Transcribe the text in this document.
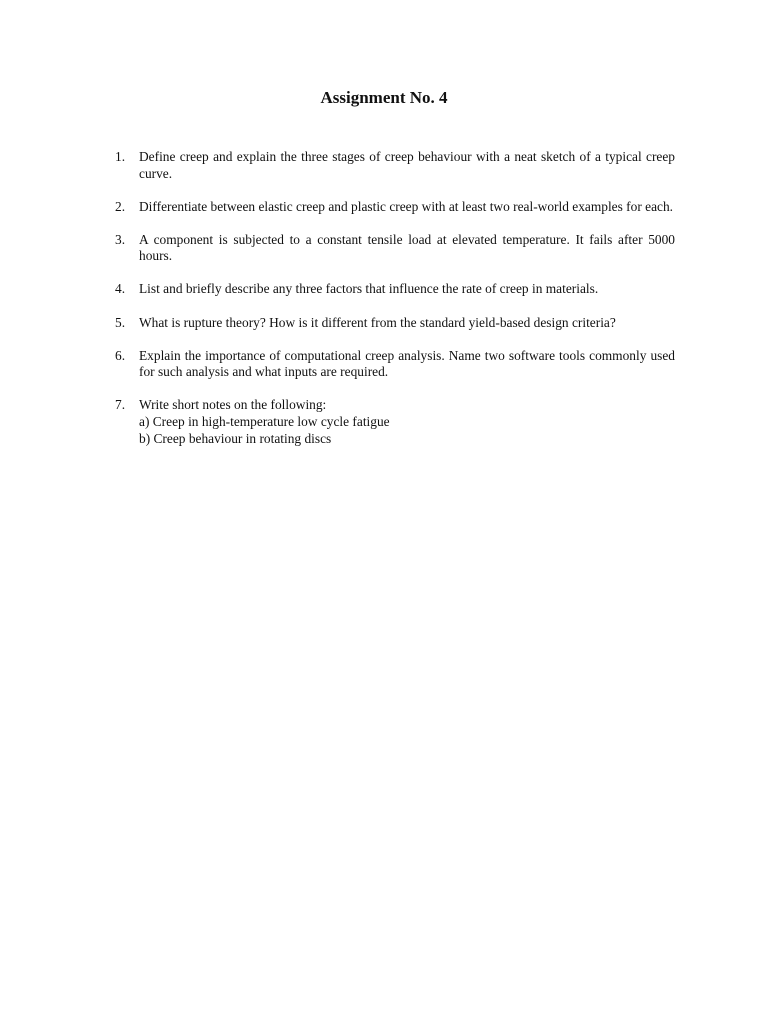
Assignment No. 4
1.	Define creep and explain the three stages of creep behaviour with a neat sketch of a typical creep curve.
2.	Differentiate between elastic creep and plastic creep with at least two real-world examples for each.
3.	A component is subjected to a constant tensile load at elevated temperature. It fails after 5000 hours.
4.	List and briefly describe any three factors that influence the rate of creep in materials.
5.	What is rupture theory? How is it different from the standard yield-based design criteria?
6.	Explain the importance of computational creep analysis. Name two software tools commonly used for such analysis and what inputs are required.
7.	Write short notes on the following:
a) Creep in high-temperature low cycle fatigue
b) Creep behaviour in rotating discs
